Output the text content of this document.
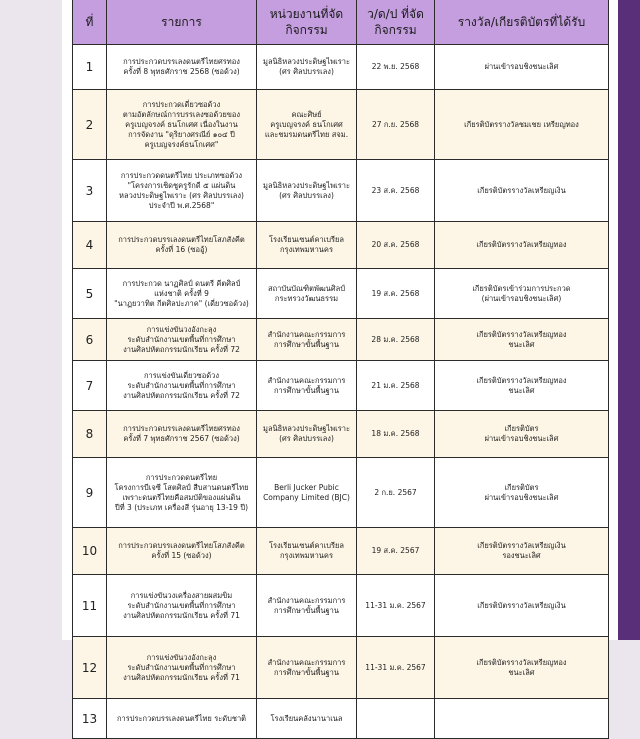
ที่	รายการ	หน่วยงานที่จัดกิจกรรม	ว/ด/ป ที่จัดกิจกรรม	รางวัล/เกียรติบัตรที่ได้รับ
1	การประกวดบรรเลงดนตรีไทยศรทอง
ครั้งที่ 8 พุทธศักราช 2568 (ซอด้วง)	มูลนิธิหลวงประดิษฐไพเราะ
(ศร ศิลปบรรเลง)	22 พ.ย. 2568	ผ่านเข้ารอบชิงชนะเลิศ

2	การประกวดเดี่ยวซอด้วง
ตามอัตลักษณ์การบรรเลงซอด้วยของ
ครูเบญจรงค์ ธนโกเศศ เนื่องในงาน
การจัดงาน "ดุริยางศรณีย์ ๑๐๔ ปี
ครูเบญจรงค์ธนโกเศศ"	คณะศิษย์
ครูเบญจรงค์ ธนโกเศศ
และชมรมดนตรีไทย สจม.	27 ก.ย. 2568	เกียรติบัตรรางวัลชมเชย เหรียญทอง

3	การประกวดดนตรีไทย ประเภทซอด้วง
"โครงการเชิดชูครูรักดี ๕ แผ่นดิน
หลวงประดิษฐไพเราะ (ศร ศิลปบรรเลง)
ประจำปี พ.ศ.2568"	มูลนิธิหลวงประดิษฐไพเราะ
(ศร ศิลปบรรเลง)	23 ส.ค. 2568	เกียรติบัตรรางวัลเหรียญเงิน

4	การประกวดบรรเลงดนตรีไทยโสภสังคีต
ครั้งที่ 16 (ซออู้)	โรงเรียนเซนต์คาเบรียล
กรุงเทพมหานคร	20 ส.ค. 2568	เกียรติบัตรรางวัลเหรียญทอง

5	การประกวด นาฏศิลป์ ดนตรี คีตศิลป์
แห่งชาติ ครั้งที่ 9
"นาฏยวาทิต กีตศิลปะภาค" (เดี่ยวซอด้วง)	สถาบันบัณฑิตพัฒนศิลป์
กระทรวงวัฒนธรรม	19 ส.ค. 2568	เกียรติบัตรเข้าร่วมการประกวด
(ผ่านเข้ารอบชิงชนะเลิศ)

6	การแข่งขันวงอังกะลุง
ระดับสำนักงานเขตพื้นที่การศึกษา
งานศิลปหัตถกรรมนักเรียน ครั้งที่ 72	สำนักงานคณะกรรมการ
การศึกษาขั้นพื้นฐาน	28 ม.ค. 2568	เกียรติบัตรรางวัลเหรียญทอง
ชนะเลิศ

7	การแข่งขันเดี่ยวซอด้วง
ระดับสำนักงานเขตพื้นที่การศึกษา
งานศิลปหัตถกรรมนักเรียน ครั้งที่ 72	สำนักงานคณะกรรมการ
การศึกษาขั้นพื้นฐาน	21 ม.ค. 2568	เกียรติบัตรรางวัลเหรียญทอง
ชนะเลิศ

8	การประกวดบรรเลงดนตรีไทยศรทอง
ครั้งที่ 7 พุทธศักราช 2567 (ซอด้วง)	มูลนิธิหลวงประดิษฐไพเราะ
(ศร ศิลปบรรเลง)	18 ม.ค. 2568	เกียรติบัตร
ผ่านเข้ารอบชิงชนะเลิศ

9	การประกวดดนตรีไทย
โครงการบีเจซี โสตศิลป์ สืบสานดนตรีไทย
เพราะดนตรีไทยคือสมบัติของแผ่นดิน
ปีที่ 3 (ประเภท เครื่องสี รุ่นอายุ 13-19 ปี)	Berli Jucker Pubic
Company Limited (BJC)	2 ก.ย. 2567	เกียรติบัตร
ผ่านเข้ารอบชิงชนะเลิศ

10	การประกวดบรรเลงดนตรีไทยโสภสังคีต
ครั้งที่ 15 (ซอด้วง)	โรงเรียนเซนต์คาเบรียล
กรุงเทพมหานคร	19 ส.ค. 2567	เกียรติบัตรรางวัลเหรียญเงิน
รองชนะเลิศ

11	การแข่งขันวงเครื่องสายผสมขิม
ระดับสำนักงานเขตพื้นที่การศึกษา
งานศิลปหัตถกรรมนักเรียน ครั้งที่ 71	สำนักงานคณะกรรมการ
การศึกษาขั้นพื้นฐาน	11-31 ม.ค. 2567	เกียรติบัตรรางวัลเหรียญเงิน

12	การแข่งขันวงอังกะลุง
ระดับสำนักงานเขตพื้นที่การศึกษา
งานศิลปหัตถกรรมนักเรียน ครั้งที่ 71	สำนักงานคณะกรรมการ
การศึกษาขั้นพื้นฐาน	11-31 ม.ค. 2567	เกียรติบัตรรางวัลเหรียญทอง
ชนะเลิศ

13	การประกวดบรรเลงดนตรีไทย ระดับชาติ	โรงเรียนคลังนานาเนล		
